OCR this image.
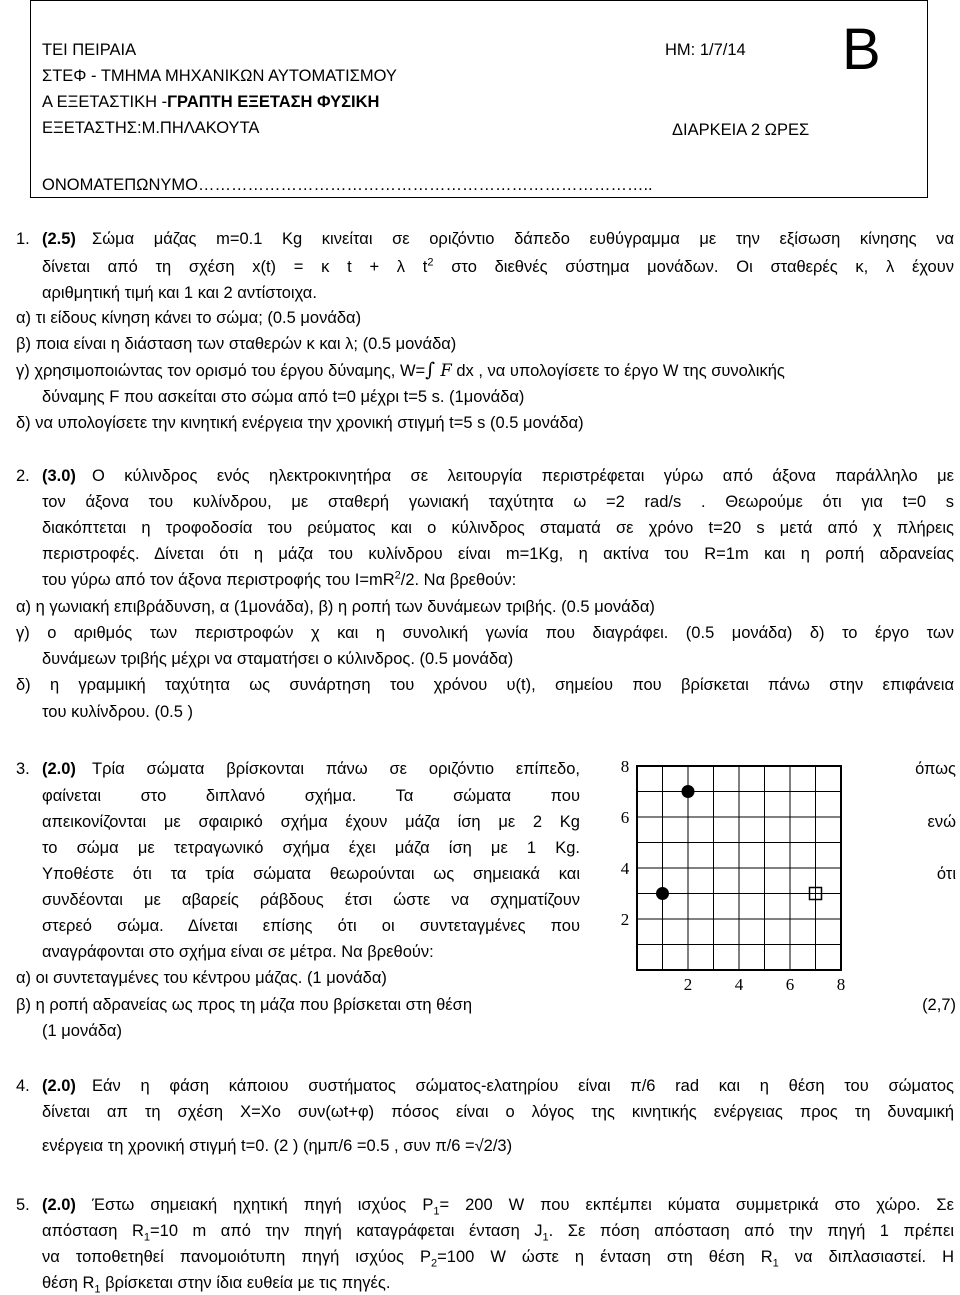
ΤΕΙ ΠΕΙΡΑΙΑ
ΣΤΕΦ - ΤΜΗΜΑ ΜΗΧΑΝΙΚΩΝ ΑΥΤΟΜΑΤΙΣΜΟΥ
Α ΕΞΕΤΑΣΤΙΚΗ -ΓΡΑΠΤΗ ΕΞΕΤΑΣΗ ΦΥΣΙΚΗ
ΕΞΕΤΑΣΤΗΣ:Μ.ΠΗΛΑΚΟΥΤΑ
ΗΜ: 1/7/14
ΔΙΑΡΚΕΙΑ 2 ΩΡΕΣ
Β
ΟΝΟΜΑΤΕΠΩΝΥΜΟ………………………………………………………………………..
1. (2.5) Σώμα μάζας m=0.1 Kg κινείται σε οριζόντιο δάπεδο ευθύγραμμα με την εξίσωση κίνησης να
δίνεται από τη σχέση x(t) = κ t + λ $t^2$ στο διεθνές σύστημα μονάδων. Οι σταθερές κ, λ έχουν
αριθμητική τιμή και 1 και 2 αντίστοιχα.
α) τι είδους κίνηση κάνει το σώμα; (0.5 μονάδα)
β) ποια είναι η διάσταση των σταθερών κ και λ; (0.5 μονάδα)
γ) χρησιμοποιώντας τον ορισμό του έργου δύναμης, W=∫ F dx , να υπολογίσετε το έργο W της συνολικής
δύναμης F που ασκείται στο σώμα από t=0 μέχρι t=5 s. (1μονάδα)
δ) να υπολογίσετε την κινητική ενέργεια την χρονική στιγμή t=5 s (0.5 μονάδα)
2. (3.0) Ο κύλινδρος ενός ηλεκτροκινητήρα σε λειτουργία περιστρέφεται γύρω από άξονα παράλληλο με
τον άξονα του κυλίνδρου, με σταθερή γωνιακή ταχύτητα ω =2 rad/s . Θεωρούμε ότι για t=0 s
διακόπτεται η τροφοδοσία του ρεύματος και ο κύλινδρος σταματά σε χρόνο t=20 s μετά από χ πλήρεις
περιστροφές. Δίνεται ότι η μάζα του κυλίνδρου είναι m=1Kg, η ακτίνα του R=1m και η ροπή αδρανείας
του γύρω από τον άξονα περιστροφής του $I=mR^2/2$. Να βρεθούν:
α) η γωνιακή επιβράδυνση, α (1μονάδα), β) η ροπή των δυνάμεων τριβής. (0.5 μονάδα)
γ) ο αριθμός των περιστροφών χ και η συνολική γωνία που διαγράφει. (0.5 μονάδα) δ) το έργο των
δυνάμεων τριβής μέχρι να σταματήσει ο κύλινδρος. (0.5 μονάδα)
δ) η γραμμική ταχύτητα ως συνάρτηση του χρόνου υ(t), σημείου που βρίσκεται πάνω στην επιφάνεια
του κυλίνδρου. (0.5 )
3. (2.0) Τρία σώματα βρίσκονται πάνω σε οριζόντιο επίπεδο,	όπως
φαίνεται στο διπλανό σχήμα. Τα σώματα που
απεικονίζονται με σφαιρικό σχήμα έχουν μάζα ίση με 2 Kg	ενώ
το σώμα με τετραγωνικό σχήμα έχει μάζα ίση με 1 Kg.
Υποθέστε ότι τα τρία σώματα θεωρούνται ως σημειακά και	ότι
συνδέονται με αβαρείς ράβδους έτσι ώστε να σχηματίζουν
στερεό σώμα. Δίνεται επίσης ότι οι συντεταγμένες που
αναγράφονται στο σχήμα είναι σε μέτρα. Να βρεθούν:
α) οι συντεταγμένες του κέντρου μάζας. (1 μονάδα)
β) η ροπή αδρανείας ως προς τη μάζα που βρίσκεται στη θέση	(2,7)
(1 μονάδα)
8
6
4
2
2	4	6	8
4. (2.0) Εάν η φάση κάποιου συστήματος σώματος-ελατηρίου είναι π/6 rad και η θέση του σώματος
δίνεται απ τη σχέση Χ=Χο συν(ωt+φ) πόσος είναι ο λόγος της κινητικής ενέργειας προς τη δυναμική
ενέργεια τη χρονική στιγμή t=0. (2 ) (ημπ/6 =0.5 , συν π/6 =√2/3)
5. (2.0) Έστω σημειακή ηχητική πηγή ισχύος $P_1= 200$ W που εκπέμπει κύματα συμμετρικά στο χώρο. Σε
απόσταση $R_1=10$ m από την πηγή καταγράφεται ένταση $J_1$. Σε πόση απόσταση από την πηγή 1 πρέπει
να τοποθετηθεί πανομοιότυπη πηγή ισχύος $P_2=100$ W ώστε η ένταση στη θέση $R_1$ να διπλασιαστεί. Η
θέση $R_1$ βρίσκεται στην ίδια ευθεία με τις πηγές.
